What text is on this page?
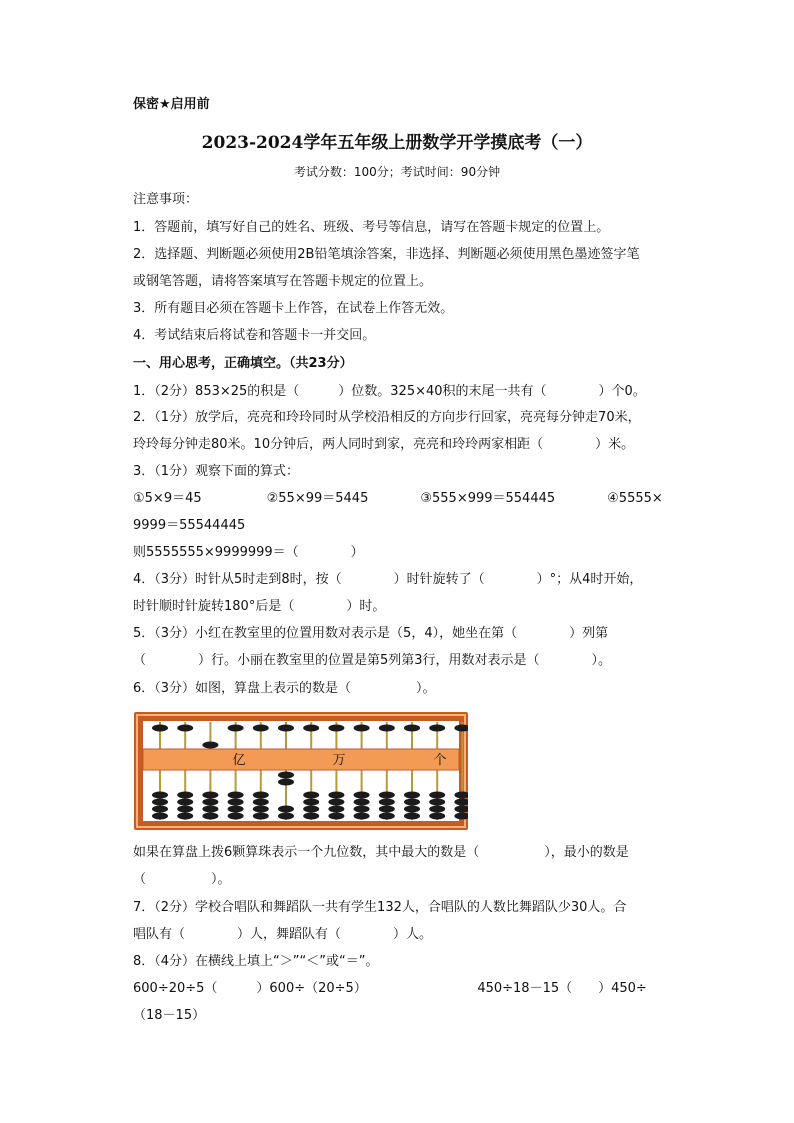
保密★启用前
2023-2024学年五年级上册数学开学摸底考（一）
考试分数：100分；考试时间：90分钟
注意事项：
1．答题前，填写好自己的姓名、班级、考号等信息，请写在答题卡规定的位置上。
2．选择题、判断题必须使用2B铅笔填涂答案，非选择、判断题必须使用黑色墨迹签字笔
或钢笔答题，请将答案填写在答题卡规定的位置上。
3．所有题目必须在答题卡上作答，在试卷上作答无效。
4．考试结束后将试卷和答题卡一并交回。
一、用心思考，正确填空。（共23分）
1．（2分）853×25的积是（　　　）位数。325×40积的末尾一共有（　　　　）个0。
2．（1分）放学后，亮亮和玲玲同时从学校沿相反的方向步行回家，亮亮每分钟走70米，
玲玲每分钟走80米。10分钟后，两人同时到家，亮亮和玲玲两家相距（　　　　）米。
3．（1分）观察下面的算式：
①5×9＝45　　　　　②55×99＝5445　　　　③555×999＝554445　　　　④5555×
9999＝55544445
则5555555×9999999＝（　　　　）
4．（3分）时针从5时走到8时，按（　　　　）时针旋转了（　　　　）°；从4时开始，
时针顺时针旋转180°后是（　　　　）时。
5．（3分）小红在教室里的位置用数对表示是（5，4），她坐在第（　　　　）列第
（　　　　）行。小丽在教室里的位置是第5列第3行，用数对表示是（　　　　）。
6．（3分）如图，算盘上表示的数是（　　　　　）。
亿	万	个
如果在算盘上拨6颗算珠表示一个九位数，其中最大的数是（　　　　　），最小的数是
（　　　　　）。
7．（2分）学校合唱队和舞蹈队一共有学生132人，合唱队的人数比舞蹈队少30人。合
唱队有（　　　　）人，舞蹈队有（　　　　）人。
8．（4分）在横线上填上“＞”“＜”或“＝”。
600÷20÷5（　　　）600÷（20÷5）　　　　　　　　　450÷18－15（　　）450÷
（18－15）
